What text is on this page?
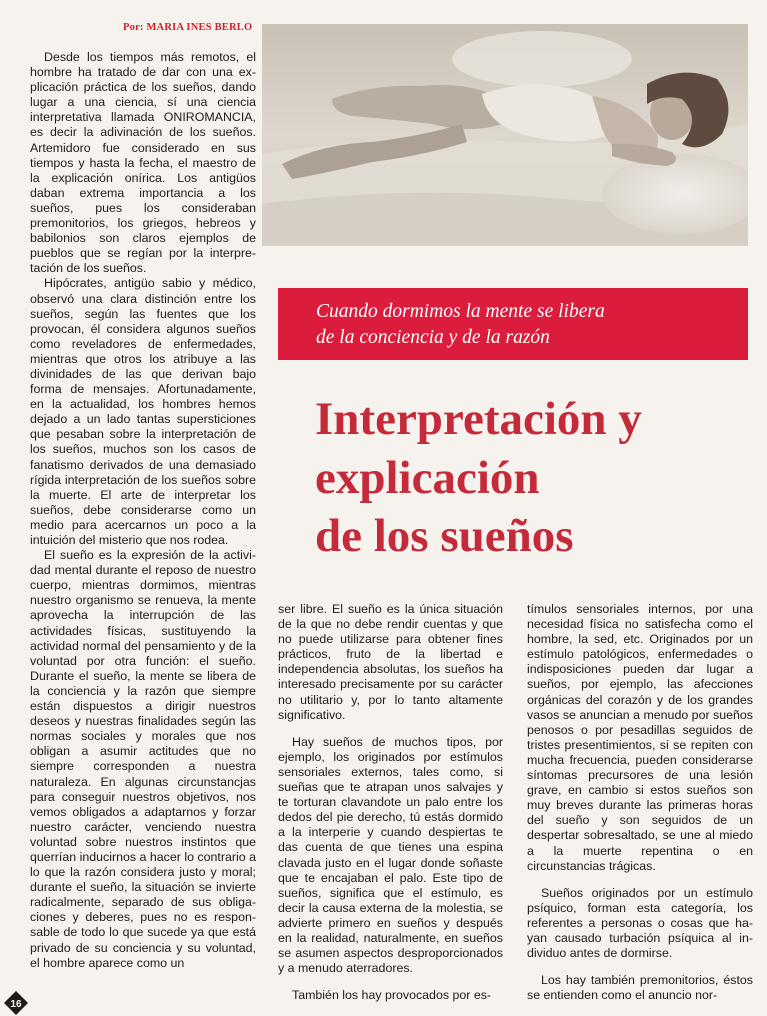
Por: MARIA INES BERLO

Desde los tiempos más remotos, el hombre ha tratado de dar con una explicación práctica de los sueños, dando lugar a una ciencia, sí una ciencia interpretativa llamada ONIROMANCIA, es decir la adivinación de los sueños. Artemidoro fue considerado en sus tiempos y hasta la fecha, el maestro de la explicación onírica. Los antigüos daban extrema importancia a los sueños, pues los consideraban premonitorios, los griegos, hebreos y babilonios son claros ejemplos de pueblos que se regían por la interpretación de los sueños.

Hipócrates, antigüo sabio y médico, observó una clara distinción entre los sueños, según las fuentes que los provocan, él considera algunos sueños como reveladores de enfermedades, mientras que otros los atribuye a las divinidades de las que derivan bajo forma de mensajes. Afortunadamente, en la actualidad, los hombres hemos dejado a un lado tantas supersticiones que pesaban sobre la interpretación de los sueños, muchos son los casos de fanatismo derivados de una demasiado rígida interpretación de los sueños sobre la muerte. El arte de interpretar los sueños, debe considerarse como un medio para acercarnos un poco a la intuición del misterio que nos rodea.

El sueño es la expresión de la actividad mental durante el reposo de nuestro cuerpo, mientras dormimos, mientras nuestro organismo se renueva, la mente aprovecha la interrupción de las actividades físicas, sustituyendo la actividad normal del pensamiento y de la voluntad por otra función: el sueño. Durante el sueño, la mente se libera de la conciencia y la razón que siempre están dispuestos a dirigir nuestros deseos y nuestras finalidades según las normas sociales y morales que nos obligan a asumir actitudes que no siempre corresponden a nuestra naturaleza. En algunas circunstancjas para conseguir nuestros objetivos, nos vemos obligados a adaptarnos y forzar nuestro carácter, venciendo nuestra voluntad sobre nuestros instintos que querrían inducirnos a hacer lo contrario a lo que la razón considera justo y moral; durante el sueño, la situación se invierte radicalmente, separado de sus obligaciones y deberes, pues no es responsable de todo lo que sucede ya que está privado de su conciencia y su voluntad, el hombre aparece como un

Cuando dormimos la mente se libera
de la conciencia y de la razón
Interpretación y
explicación
de los sueños

ser libre. El sueño es la única situación de la que no debe rendir cuentas y que no puede utilizarse para obtener fines prácticos, fruto de la libertad e independencia absolutas, los sueños ha interesado precisamente por su carácter no utilitario y, por lo tanto altamente significativo.

Hay sueños de muchos tipos, por ejemplo, los originados por estímulos sensoriales externos, tales como, si sueñas que te atrapan unos salvajes y te torturan clavandote un palo entre los dedos del pie derecho, tú estás dormido a la interperie y cuando despiertas te das cuenta de que tienes una espina clavada justo en el lugar donde soñaste que te encajaban el palo. Este tipo de sueños, significa que el estímulo, es decir la causa externa de la molestia, se advierte primero en sueños y después en la realidad, naturalmente, en sueños se asumen aspectos desproporcionados y a menudo aterradores.

También los hay provocados por es-

tímulos sensoriales internos, por una necesidad física no satisfecha como el hombre, la sed, etc. Originados por un estímulo patológicos, enfermedades o indisposiciones pueden dar lugar a sueños, por ejemplo, las afecciones orgánicas del corazón y de los grandes vasos se anuncian a menudo por sueños penosos o por pesadillas seguidos de tristes presentimientos, si se repiten con mucha frecuencia, pueden considerarse síntomas precursores de una lesión grave, en cambio si estos sueños son muy breves durante las primeras horas del sueño y son seguidos de un despertar sobresaltado, se une al miedo a la muerte repentina o en circunstancias trágicas.

Sueños originados por un estímulo psíquico, forman esta categoría, los referentes a personas o cosas que hayan causado turbación psíquica al individuo antes de dormirse.

Los hay también premonitorios, éstos se entienden como el anuncio nor-

16
